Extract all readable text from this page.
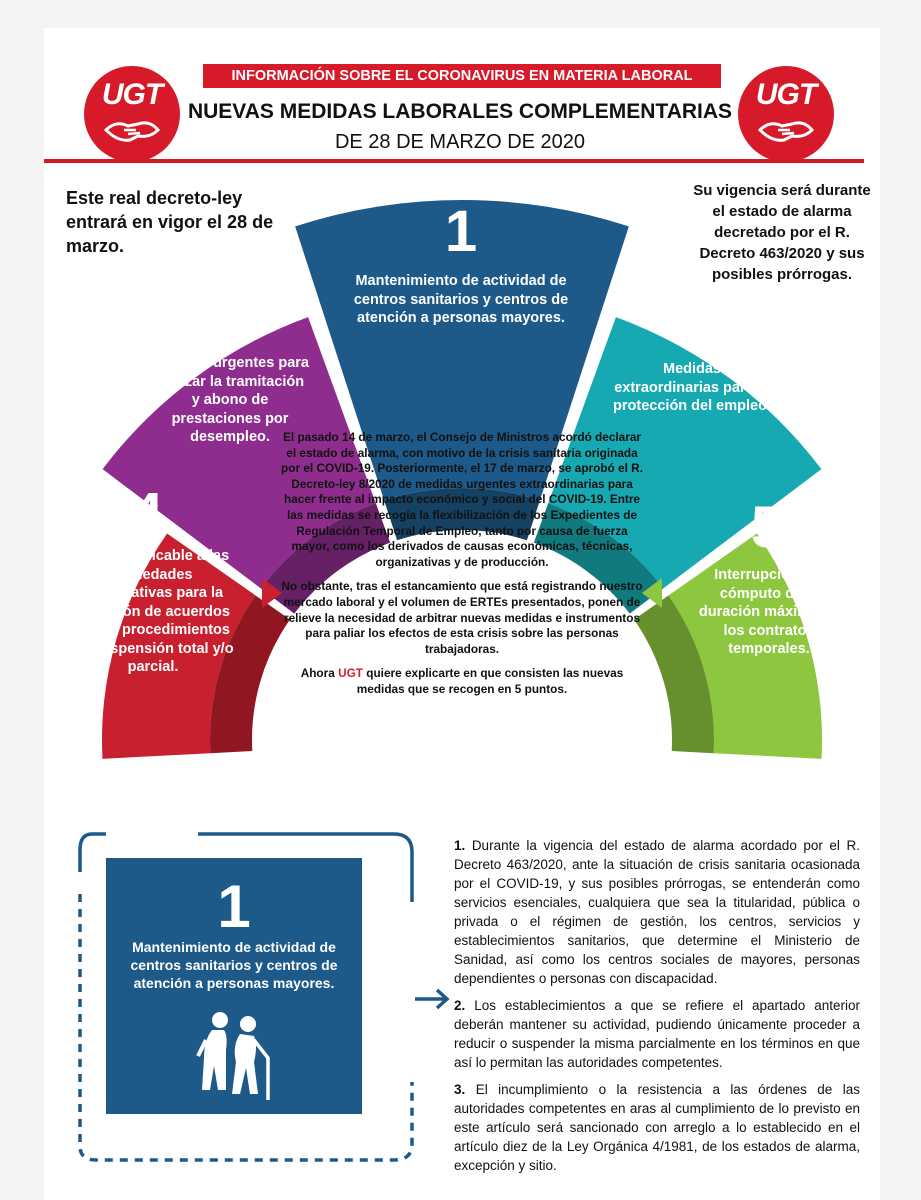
UGT	UGT
INFORMACIÓN SOBRE EL CORONAVIRUS EN MATERIA LABORAL
NUEVAS MEDIDAS LABORALES COMPLEMENTARIAS
DE 28 DE MARZO DE 2020
Este real decreto-ley entrará en vigor el 28 de marzo.
Su vigencia será durante el estado de alarma decretado por el R. Decreto 463/2020 y sus posibles prórrogas.
1
Mantenimiento de actividad de centros sanitarios y centros de atención a personas mayores.	2
Medidas extraordinarias para la protección del empleo.
3
Medidas urgentes para agilizar la tramitación y abono de prestaciones por desempleo.
4
Medida aplicable a las sociedades cooperativas para la adopción de acuerdos en los procedimientos de suspensión total y/o parcial.
5
Interrupción del cómputo de la duración máxima de los contratos temporales.

El pasado 14 de marzo, el Consejo de Ministros acordó declarar el estado de alarma, con motivo de la crisis sanitaria originada por el COVID-19. Posteriormente, el 17 de marzo, se aprobó el R. Decreto-ley 8/2020 de medidas urgentes extraordinarias para hacer frente al impacto económico y social del COVID-19. Entre las medidas se recogía la flexibilización de los Expedientes de Regulación Temporal de Empleo, tanto por causa de fuerza mayor, como los derivados de causas económicas, técnicas, organizativas y de producción.

No obstante, tras el estancamiento que está registrando nuestro mercado laboral y el volumen de ERTEs presentados, ponen de relieve la necesidad de arbitrar nuevas medidas e instrumentos para paliar los efectos de esta crisis sobre las personas trabajadoras.

Ahora UGT quiere explicarte en que consisten las nuevas medidas que se recogen en 5 puntos.

1
Mantenimiento de actividad de centros sanitarios y centros de atención a personas mayores.

1. Durante la vigencia del estado de alarma acordado por el R. Decreto 463/2020, ante la situación de crisis sanitaria ocasionada por el COVID-19, y sus posibles prórrogas, se entenderán como servicios esenciales, cualquiera que sea la titularidad, pública o privada o el régimen de gestión, los centros, servicios y establecimientos sanitarios, que determine el Ministerio de Sanidad, así como los centros sociales de mayores, personas dependientes o personas con discapacidad.

2. Los establecimientos a que se refiere el apartado anterior deberán mantener su actividad, pudiendo únicamente proceder a reducir o suspender la misma parcialmente en los términos en que así lo permitan las autoridades competentes.

3. El incumplimiento o la resistencia a las órdenes de las autoridades competentes en aras al cumplimiento de lo previsto en este artículo será sancionado con arreglo a lo establecido en el artículo diez de la Ley Orgánica 4/1981, de los estados de alarma, excepción y sitio.
